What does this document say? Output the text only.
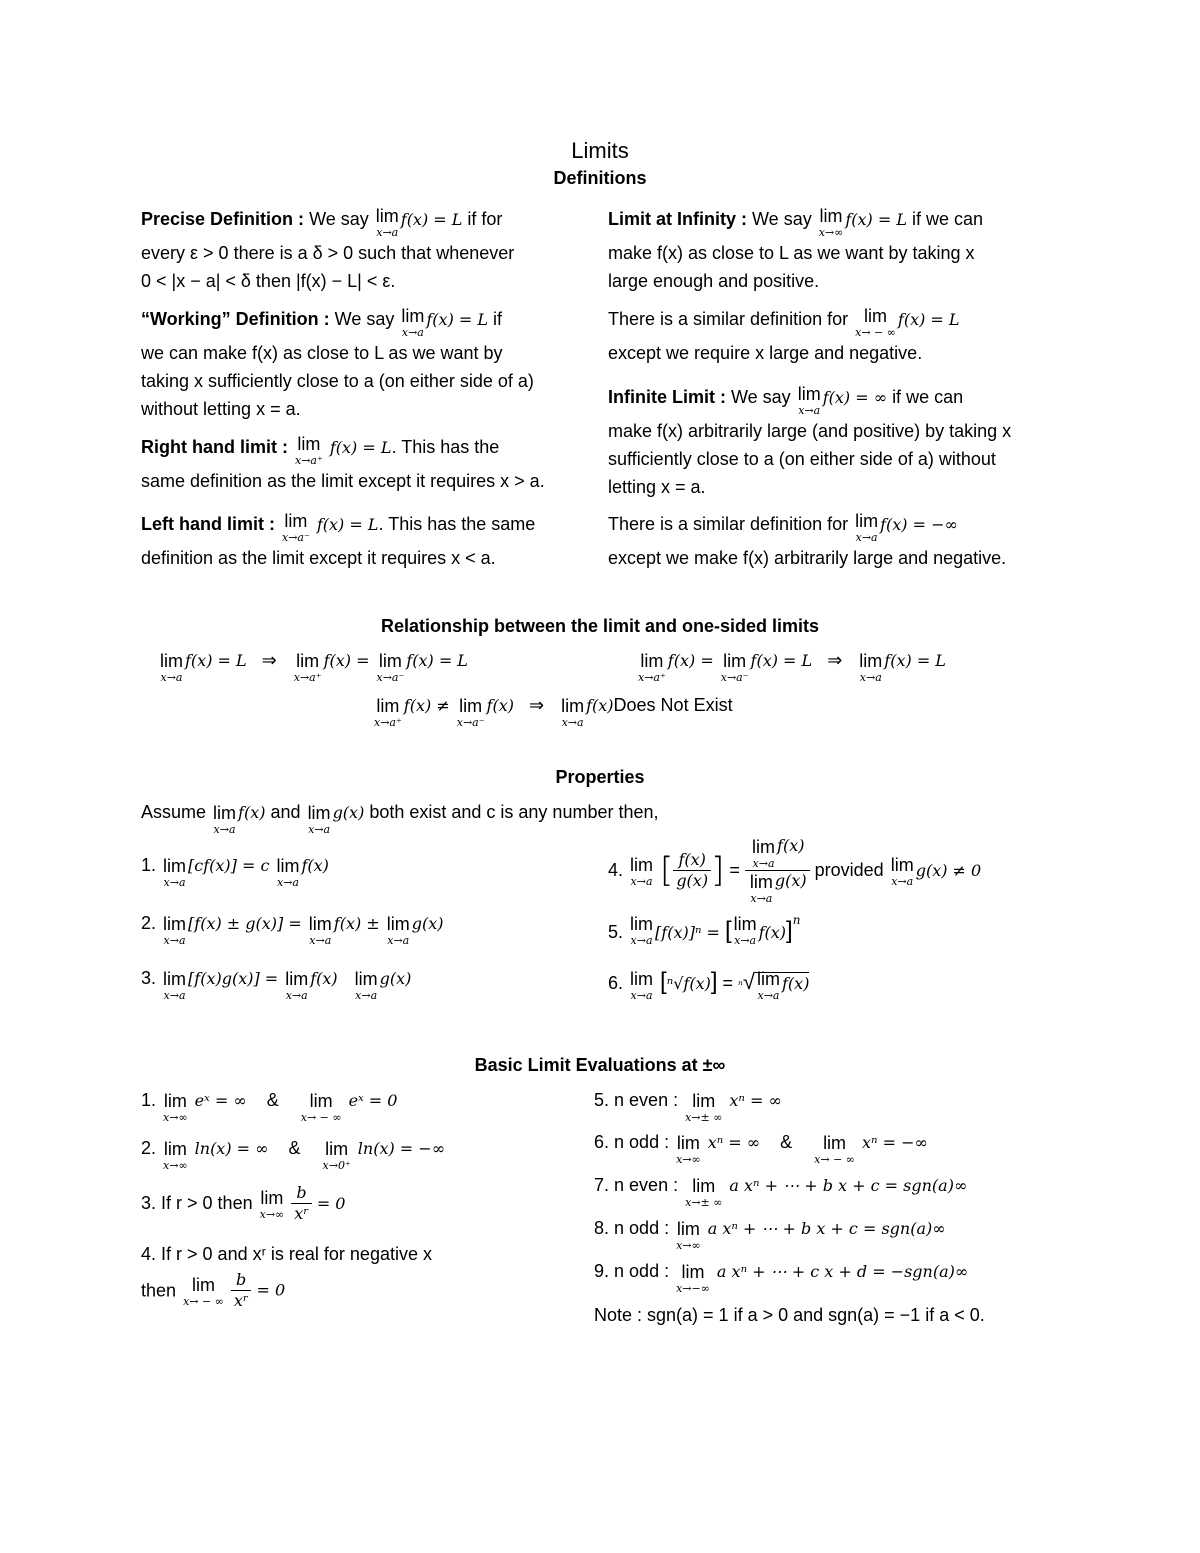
Limits
Definitions
Precise Definition : We say lim
x→a
f(x) = L if for
every ε > 0 there is a δ > 0 such that whenever
0 < |x − a| < δ then |f(x) − L| < ε.
“Working” Definition : We say lim
x→a
f(x) = L if
we can make f(x) as close to L as we want by
taking x sufficiently close to a (on either side of a)
without letting x = a.
Right hand limit : lim
x→a⁺
f(x) = L. This has the
same definition as the limit except it requires x > a.
Left hand limit : lim
x→a⁻
f(x) = L. This has the same
definition as the limit except it requires x < a.
Limit at Infinity : We say lim
x→∞
f(x) = L if we can
make f(x) as close to L as we want by taking x
large enough and positive.
There is a similar definition for lim
x→ − ∞
f(x) = L
except we require x large and negative.
Infinite Limit : We say lim
x→a
f(x) = ∞ if we can
make f(x) arbitrarily large (and positive) by taking x
sufficiently close to a (on either side of a) without
letting x = a.
There is a similar definition for lim
x→a
f(x) = −∞
except we make f(x) arbitrarily large and negative.
Relationship between the limit and one-sided limits
lim
x→a
f(x) = L ⇒ lim
x→a⁺
f(x) = lim
x→a⁻
f(x) = L	lim
x→a⁺
f(x) = lim
x→a⁻
f(x) = L ⇒ lim
x→a
f(x) = L
lim
x→a⁺
f(x) ≠ lim
x→a⁻
f(x) ⇒ lim
x→a
f(x)Does Not Exist
Properties
Assume lim
x→a
f(x) and lim
x→a
g(x) both exist and c is any number then,
1. lim
x→a
[cf(x)] = c lim
x→a
f(x)
2. lim
x→a
[f(x) ± g(x)] = lim
x→a
f(x) ± lim
x→a
g(x)
3. lim
x→a
[f(x)g(x)] = lim
x→a
f(x) lim
x→a
g(x)
4. lim
x→a [ $\frac{f(x)}{g(x)}$ ] = lim
x→a
f(x)
lim
x→a
g(x) provided lim
x→a
g(x) ≠ 0
5. lim
x→a [f(x)]ⁿ = [ lim
x→a f(x)]$^n$
6. lim
x→a
[ⁿ√f(x)] = ⁿ√ lim
x→a
f(x)
Basic Limit Evaluations at ±∞
1. lim
x→∞
eˣ = ∞ &	lim
x→ − ∞
eˣ = 0
2. lim
x→∞
ln(x) = ∞ & lim
x→0⁺
ln(x) = −∞
3. If r > 0 then lim
x→∞
$\frac{b}{\text{xʳ}} = 0$
4. If r > 0 and xʳ is real for negative x
then lim
x→ − ∞
$\frac{b}{\text{xʳ}} = 0$
5. n even : lim
x→± ∞
xⁿ = ∞
6. n odd : lim
x→∞
xⁿ = ∞ &	lim
x→ − ∞
xⁿ = −∞
7. n even : lim
x→± ∞
a xⁿ + ⋯ + b x + c = sgn(a)∞
8. n odd : lim
x→∞
a xⁿ + ⋯ + b x + c = sgn(a)∞
9. n odd : lim
x→−∞
a xⁿ + ⋯ + c x + d = −sgn(a)∞
Note : sgn(a) = 1 if a > 0 and sgn(a) = −1 if a < 0.
